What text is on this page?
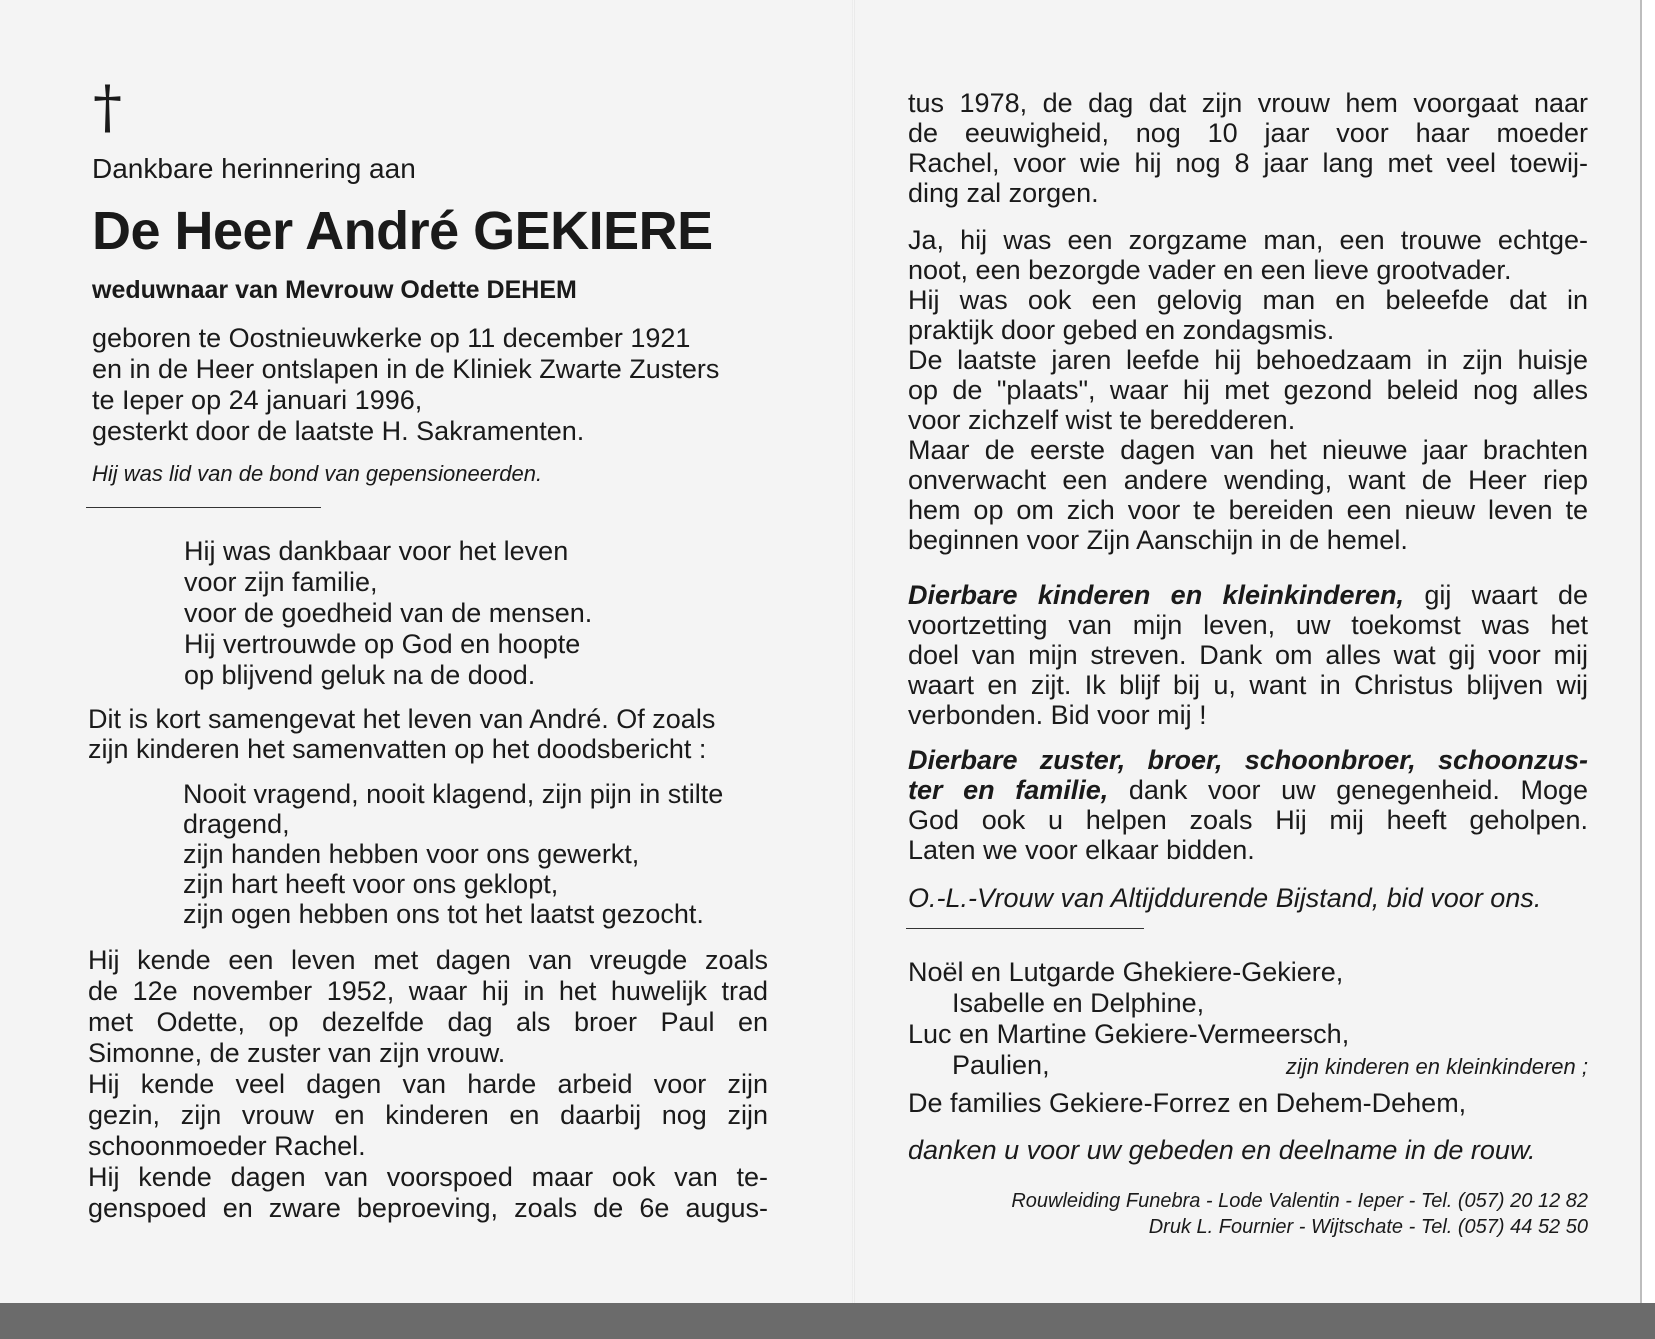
†
Dankbare herinnering aan
De Heer André GEKIERE
weduwnaar van Mevrouw Odette DEHEM
geboren te Oostnieuwkerke op 11 december 1921
en in de Heer ontslapen in de Kliniek Zwarte Zusters
te Ieper op 24 januari 1996,
gesterkt door de laatste H. Sakramenten.
Hij was lid van de bond van gepensioneerden.
Hij was dankbaar voor het leven
voor zijn familie,
voor de goedheid van de mensen.
Hij vertrouwde op God en hoopte
op blijvend geluk na de dood.
Dit is kort samengevat het leven van André. Of zoals
zijn kinderen het samenvatten op het doodsbericht :
Nooit vragend, nooit klagend, zijn pijn in stilte
dragend,
zijn handen hebben voor ons gewerkt,
zijn hart heeft voor ons geklopt,
zijn ogen hebben ons tot het laatst gezocht.
Hij kende een leven met dagen van vreugde zoals
de 12e november 1952, waar hij in het huwelijk trad
met Odette, op dezelfde dag als broer Paul en
Simonne, de zuster van zijn vrouw.
Hij kende veel dagen van harde arbeid voor zijn
gezin, zijn vrouw en kinderen en daarbij nog zijn
schoonmoeder Rachel.
Hij kende dagen van voorspoed maar ook van te-
genspoed en zware beproeving, zoals de 6e augus-
tus 1978, de dag dat zijn vrouw hem voorgaat naar
de eeuwigheid, nog 10 jaar voor haar moeder
Rachel, voor wie hij nog 8 jaar lang met veel toewij-
ding zal zorgen.
Ja, hij was een zorgzame man, een trouwe echtge-
noot, een bezorgde vader en een lieve grootvader.
Hij was ook een gelovig man en beleefde dat in
praktijk door gebed en zondagsmis.
De laatste jaren leefde hij behoedzaam in zijn huisje
op de "plaats", waar hij met gezond beleid nog alles
voor zichzelf wist te beredderen.
Maar de eerste dagen van het nieuwe jaar brachten
onverwacht een andere wending, want de Heer riep
hem op om zich voor te bereiden een nieuw leven te
beginnen voor Zijn Aanschijn in de hemel.
Dierbare kinderen en kleinkinderen, gij waart de
voortzetting van mijn leven, uw toekomst was het
doel van mijn streven. Dank om alles wat gij voor mij
waart en zijt. Ik blijf bij u, want in Christus blijven wij
verbonden. Bid voor mij !
Dierbare zuster, broer, schoonbroer, schoonzus-
ter en familie, dank voor uw genegenheid. Moge
God ook u helpen zoals Hij mij heeft geholpen.
Laten we voor elkaar bidden.
O.-L.-Vrouw van Altijddurende Bijstand, bid voor ons.
Noël en Lutgarde Ghekiere-Gekiere,
Isabelle en Delphine,
Luc en Martine Gekiere-Vermeersch,
Paulien,	zijn kinderen en kleinkinderen ;
De families Gekiere-Forrez en Dehem-Dehem,
danken u voor uw gebeden en deelname in de rouw.
Rouwleiding Funebra - Lode Valentin - Ieper - Tel. (057) 20 12 82
Druk L. Fournier - Wijtschate - Tel. (057) 44 52 50
